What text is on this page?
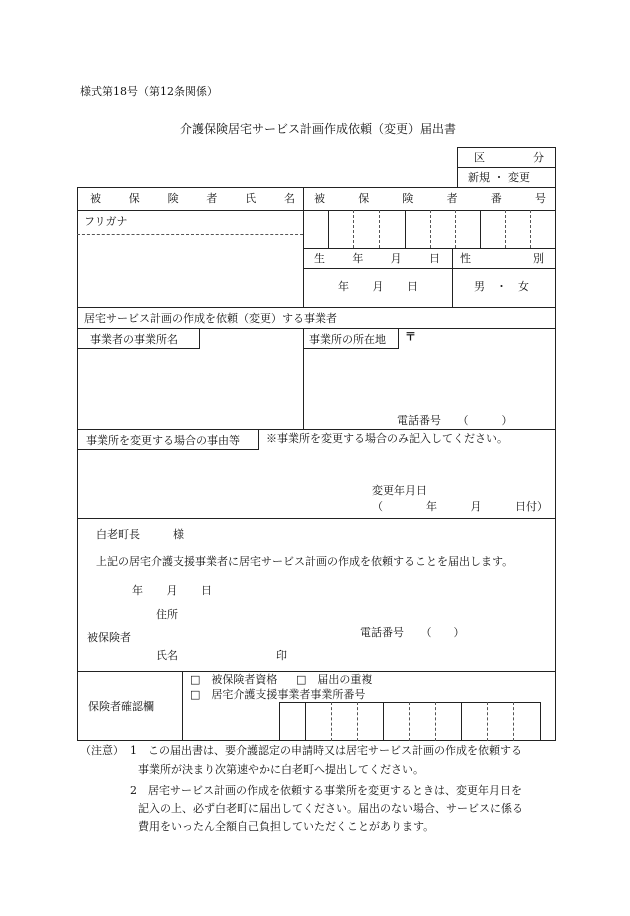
様式第18号（第12条関係）
介護保険居宅サービス計画作成依頼（変更）届出書
区	分
新規 ・ 変更
被	保	険	者	氏	名 被	保	険	者	番	号
フリガナ
生 年 月 日 性	別
年 月 日	男　 ・　 女
居宅サービス計画の作成を依頼（変更）する事業者
事業者の事業所名	事業所の所在地 〒
電話番号　　 （　　　）
事業所を変更する場合の事由等 ※事業所を変更する場合のみ記入してください。
変更年月日
（	年	月	日付）
白老町長　　　	様
上記の居宅介護支援事業者に居宅サービス計画の作成を依頼することを届出します。
年 月 日
住所
被保険者	電話番号　　 （　　）
氏名	印
保険者確認欄
□　 被保険者資格 □　 届出の重複
□　 居宅介護支援事業者事業所番号
（注意） 1 この届出書は、要介護認定の申請時又は居宅サービス計画の作成を依頼する
事業所が決まり次第速やかに白老町へ提出してください。
2 居宅サービス計画の作成を依頼する事業所を変更するときは、変更年月日を
記入の上、必ず白老町に届出してください。届出のない場合、サービスに係る
費用をいったん全額自己負担していただくことがあります。
